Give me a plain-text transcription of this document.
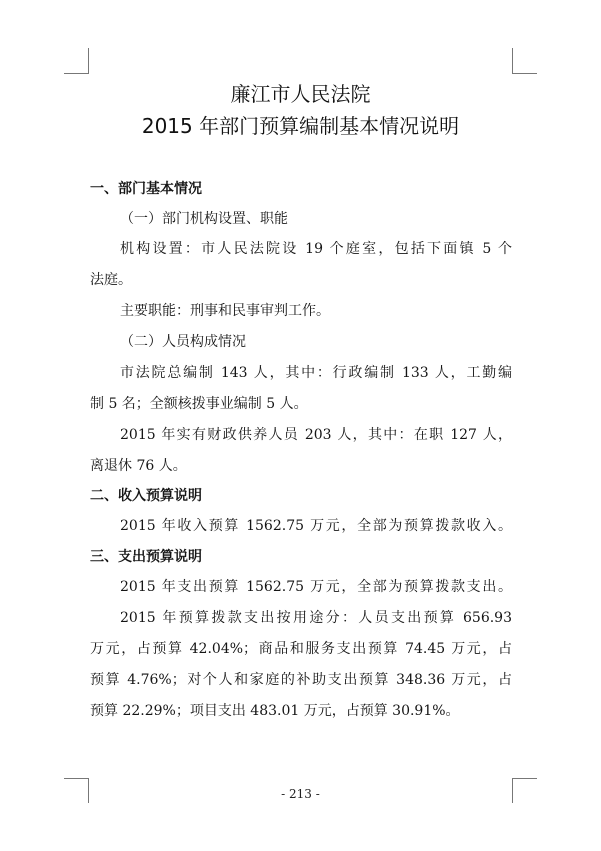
廉江市人民法院
2015 年部门预算编制基本情况说明
一、部门基本情况
（一）部门机构设置、职能
机构设置：市人民法院设 19 个庭室，包括下面镇 5 个
法庭。
主要职能：刑事和民事审判工作。
（二）人员构成情况
市法院总编制 143 人，其中：行政编制 133 人，工勤编
制 5 名；全额核拨事业编制 5 人。
2015 年实有财政供养人员 203 人，其中：在职 127 人，
离退休 76 人。
二、收入预算说明
2015 年收入预算 1562.75 万元，全部为预算拨款收入。
三、支出预算说明
2015 年支出预算 1562.75 万元，全部为预算拨款支出。
2015 年预算拨款支出按用途分：人员支出预算 656.93
万元，占预算 42.04%；商品和服务支出预算 74.45 万元，占
预算 4.76%；对个人和家庭的补助支出预算 348.36 万元，占
预算 22.29%；项目支出 483.01 万元，占预算 30.91%。
- 213 -
